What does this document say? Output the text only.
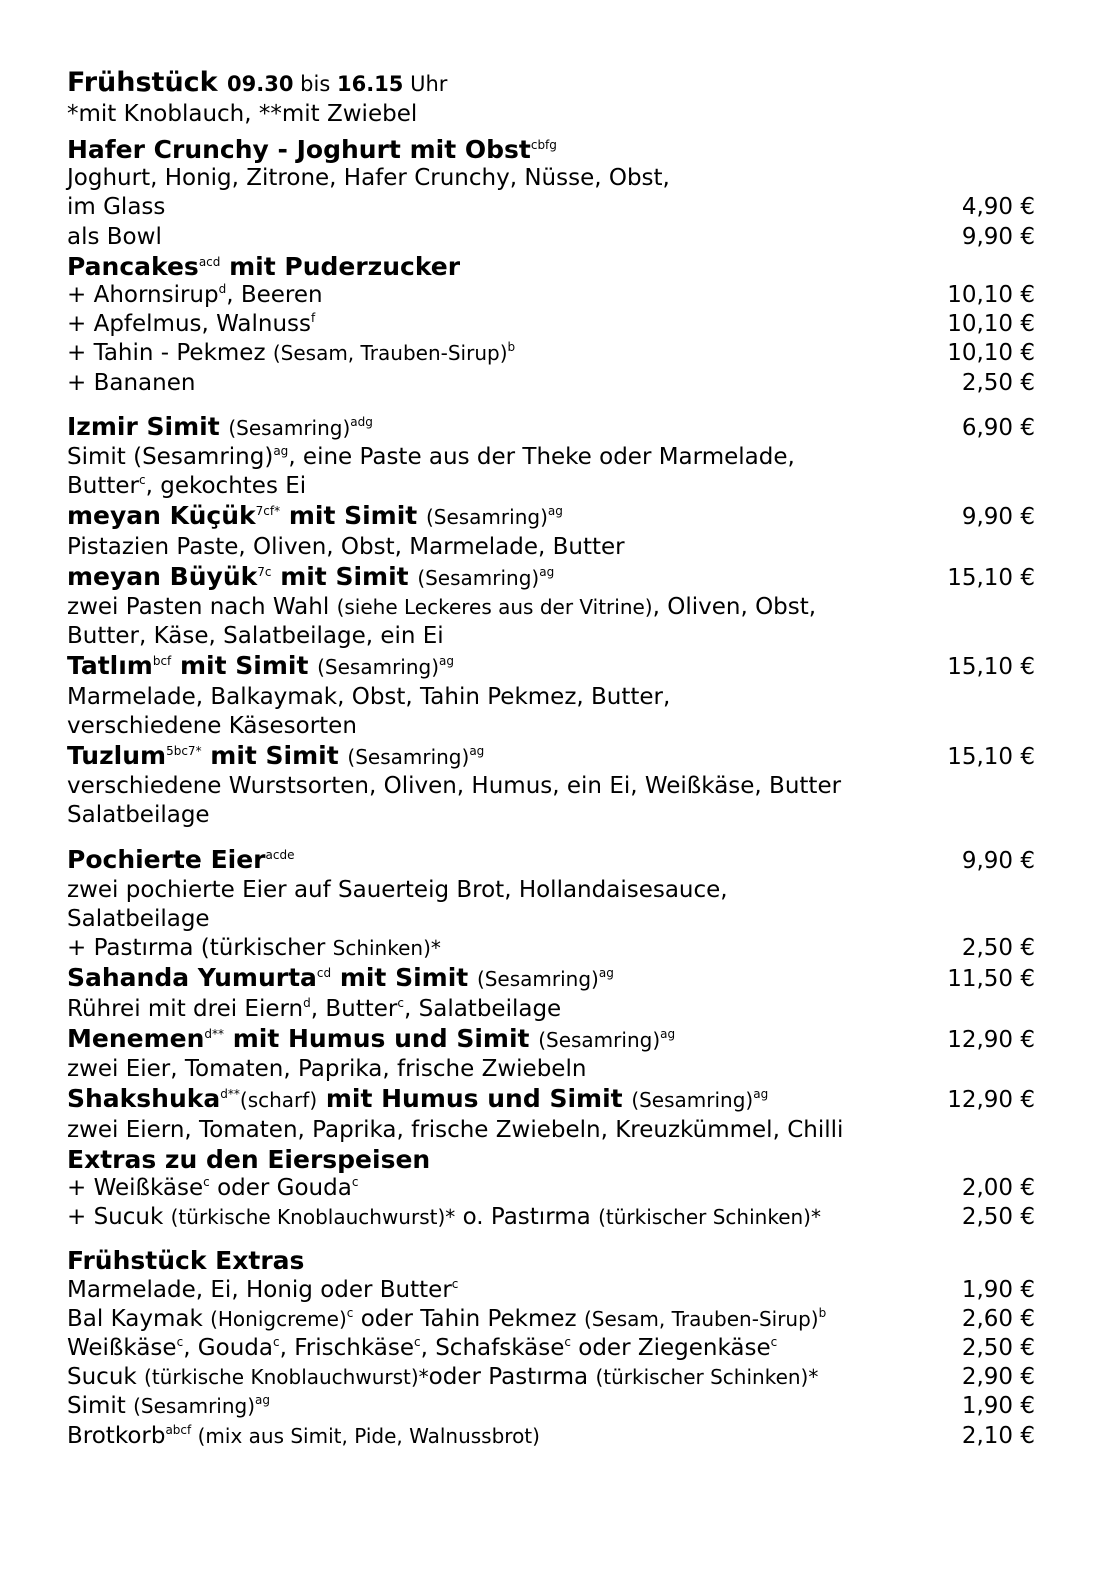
Frühstück 09.30 bis 16.15 Uhr
*mit Knoblauch, **mit Zwiebel
Hafer Crunchy - Joghurt mit Obst$^{cbfg}$
Joghurt, Honig, Zitrone, Hafer Crunchy, Nüsse, Obst,
im Glass	4,90 €
als Bowl	9,90 €
Pancakes$^{acd}$ mit Puderzucker
+ Ahornsirup$^d$, Beeren	10,10 €
+ Apfelmus, Walnuss$^f$	10,10 €
+ Tahin - Pekmez (Sesam, Trauben-Sirup)$^b$	10,10 €
+ Bananen	2,50 €
Izmir Simit (Sesamring)$^{adg}$	6,90 €
Simit (Sesamring)$^{ag}$, eine Paste aus der Theke oder Marmelade,
Butter$^c$, gekochtes Ei
meyan Küçük$^{7cf*}$ mit Simit (Sesamring)$^{ag}$	9,90 €
Pistazien Paste, Oliven, Obst, Marmelade, Butter
meyan Büyük$^{7c}$ mit Simit (Sesamring)$^{ag}$	15,10 €
zwei Pasten nach Wahl (siehe Leckeres aus der Vitrine), Oliven, Obst,
Butter, Käse, Salatbeilage, ein Ei
Tatlım$^{bcf}$ mit Simit (Sesamring)$^{ag}$	15,10 €
Marmelade, Balkaymak, Obst, Tahin Pekmez, Butter,
verschiedene Käsesorten
Tuzlum$^{5bc7*}$ mit Simit (Sesamring)$^{ag}$	15,10 €
verschiedene Wurstsorten, Oliven, Humus, ein Ei, Weißkäse, Butter
Salatbeilage
Pochierte Eier$^{acde}$	9,90 €
zwei pochierte Eier auf Sauerteig Brot, Hollandaisesauce,
Salatbeilage
+ Pastırma (türkischer Schinken)*	2,50 €
Sahanda Yumurta$^{cd}$ mit Simit (Sesamring)$^{ag}$	11,50 €
Rührei mit drei Eiern$^d$, Butter$^c$, Salatbeilage
Menemen$^{d**}$ mit Humus und Simit (Sesamring)$^{ag}$	12,90 €
zwei Eier, Tomaten, Paprika, frische Zwiebeln
Shakshuka$^{d**}$(scharf) mit Humus und Simit (Sesamring)$^{ag}$	12,90 €
zwei Eiern, Tomaten, Paprika, frische Zwiebeln, Kreuzkümmel, Chilli
Extras zu den Eierspeisen
+ Weißkäse$^c$ oder Gouda$^c$	2,00 €
+ Sucuk (türkische Knoblauchwurst)* o. Pastırma (türkischer Schinken)*	2,50 €
Frühstück Extras
Marmelade, Ei, Honig oder Butter$^c$	1,90 €
Bal Kaymak (Honigcreme)$^c$ oder Tahin Pekmez (Sesam, Trauben-Sirup)$^b$	2,60 €
Weißkäse$^c$, Gouda$^c$, Frischkäse$^c$, Schafskäse$^c$ oder Ziegenkäse$^c$	2,50 €
Sucuk (türkische Knoblauchwurst)*oder Pastırma (türkischer Schinken)*	2,90 €
Simit (Sesamring)$^{ag}$	1,90 €
Brotkorb$^{abcf}$ (mix aus Simit, Pide, Walnussbrot)	2,10 €
